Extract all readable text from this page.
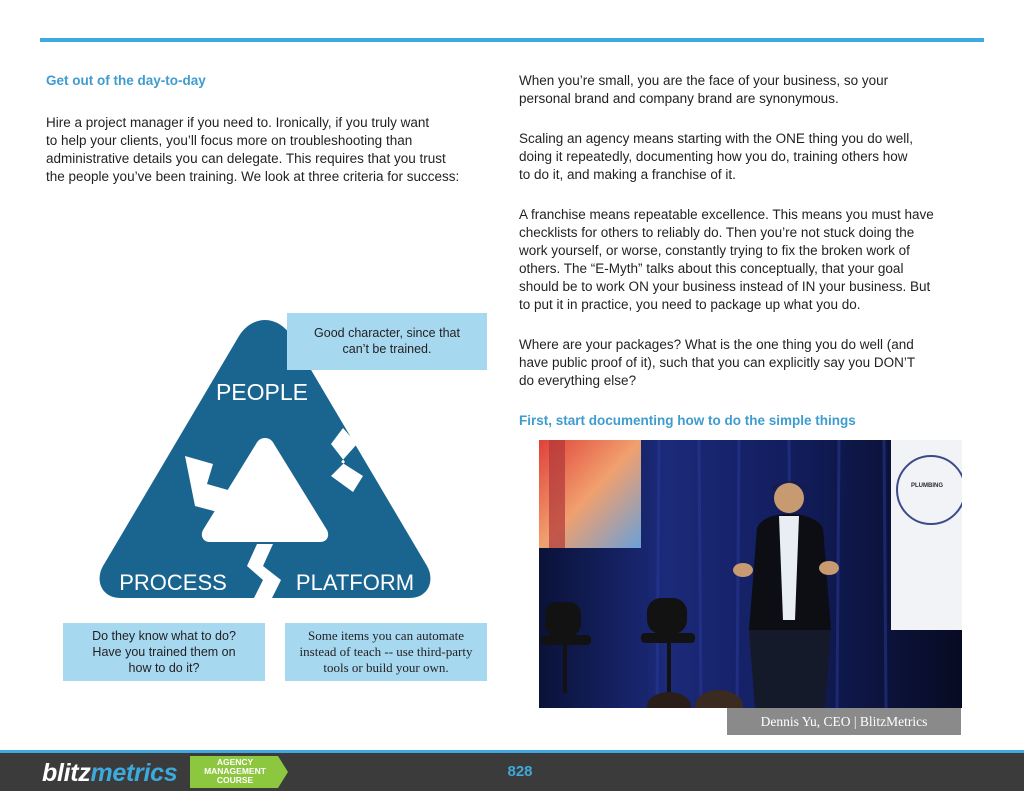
Get out of the day-to-day

Hire a project manager if you need to. Ironically, if you truly want
to help your clients, you’ll focus more on troubleshooting than
administrative details you can delegate. This requires that you trust
the people you’ve been training. We look at three criteria for success:

PEOPLE
PROCESS	PLATFORM
Good character, since that
can’t be trained.
Do they know what to do?
Have you trained them on
how to do it?
Some items you can automate
instead of teach -- use third-party
tools or build your own.

When you’re small, you are the face of your business, so your
personal brand and company brand are synonymous.

Scaling an agency means starting with the ONE thing you do well,
doing it repeatedly, documenting how you do, training others how
to do it, and making a franchise of it.

A franchise means repeatable excellence. This means you must have
checklists for others to reliably do. Then you’re not stuck doing the
work yourself, or worse, constantly trying to fix the broken work of
others. The “E-Myth” talks about this conceptually, that your goal
should be to work ON your business instead of IN your business. But
to put it in practice, you need to package up what you do.

Where are your packages? What is the one thing you do well (and
have public proof of it), such that you can explicitly say you DON’T
do everything else?

First, start documenting how to do the simple things

PLUMBING
Dennis Yu, CEO | BlitzMetrics
blitzmetrics	AGENCY
MANAGEMENT
COURSE	828
